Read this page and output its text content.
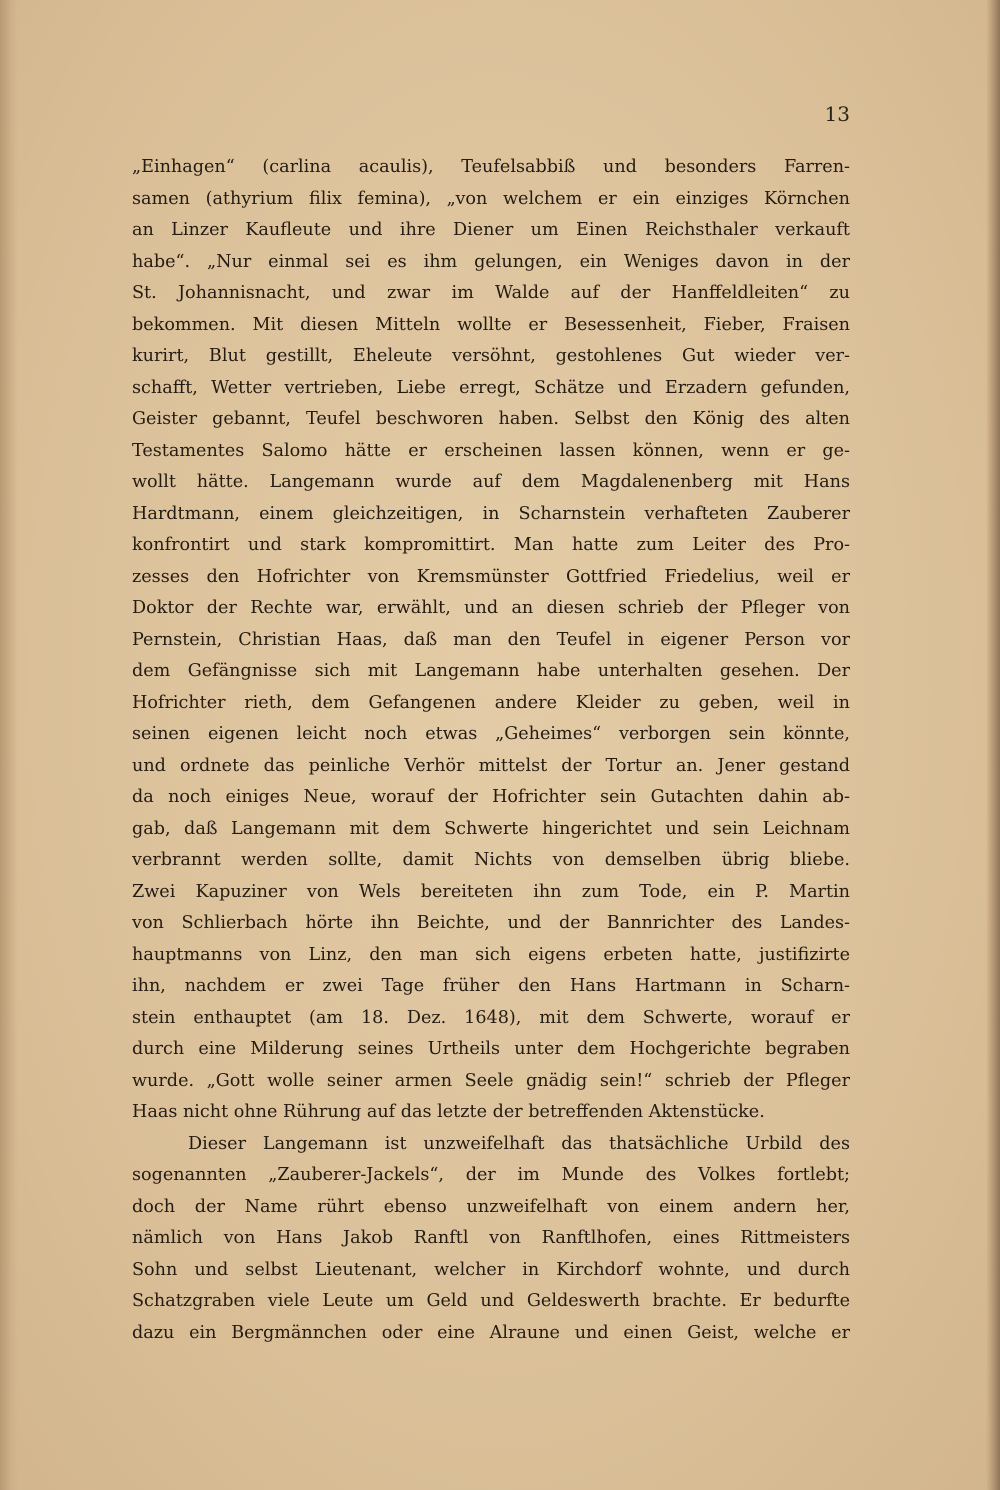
13
„Einhagen“ (carlina acaulis), Teufelsabbiß und besonders Farren-
samen (athyrium filix femina), „von welchem er ein einziges Körnchen
an Linzer Kaufleute und ihre Diener um Einen Reichsthaler verkauft
habe“. „Nur einmal sei es ihm gelungen, ein Weniges davon in der
St. Johannisnacht, und zwar im Walde auf der Hanffeldleiten“ zu
bekommen. Mit diesen Mitteln wollte er Besessenheit, Fieber, Fraisen
kurirt, Blut gestillt, Eheleute versöhnt, gestohlenes Gut wieder ver-
schafft, Wetter vertrieben, Liebe erregt, Schätze und Erzadern gefunden,
Geister gebannt, Teufel beschworen haben. Selbst den König des alten
Testamentes Salomo hätte er erscheinen lassen können, wenn er ge-
wollt hätte. Langemann wurde auf dem Magdalenenberg mit Hans
Hardtmann, einem gleichzeitigen, in Scharnstein verhafteten Zauberer
konfrontirt und stark kompromittirt. Man hatte zum Leiter des Pro-
zesses den Hofrichter von Kremsmünster Gottfried Friedelius, weil er
Doktor der Rechte war, erwählt, und an diesen schrieb der Pfleger von
Pernstein, Christian Haas, daß man den Teufel in eigener Person vor
dem Gefängnisse sich mit Langemann habe unterhalten gesehen. Der
Hofrichter rieth, dem Gefangenen andere Kleider zu geben, weil in
seinen eigenen leicht noch etwas „Geheimes“ verborgen sein könnte,
und ordnete das peinliche Verhör mittelst der Tortur an. Jener gestand
da noch einiges Neue, worauf der Hofrichter sein Gutachten dahin ab-
gab, daß Langemann mit dem Schwerte hingerichtet und sein Leichnam
verbrannt werden sollte, damit Nichts von demselben übrig bliebe.
Zwei Kapuziner von Wels bereiteten ihn zum Tode, ein P. Martin
von Schlierbach hörte ihn Beichte, und der Bannrichter des Landes-
hauptmanns von Linz, den man sich eigens erbeten hatte, justifizirte
ihn, nachdem er zwei Tage früher den Hans Hartmann in Scharn-
stein enthauptet (am 18. Dez. 1648), mit dem Schwerte, worauf er
durch eine Milderung seines Urtheils unter dem Hochgerichte begraben
wurde. „Gott wolle seiner armen Seele gnädig sein!“ schrieb der Pfleger
Haas nicht ohne Rührung auf das letzte der betreffenden Aktenstücke.
Dieser Langemann ist unzweifelhaft das thatsächliche Urbild des
sogenannten „Zauberer-Jackels“, der im Munde des Volkes fortlebt;
doch der Name rührt ebenso unzweifelhaft von einem andern her,
nämlich von Hans Jakob Ranftl von Ranftlhofen, eines Rittmeisters
Sohn und selbst Lieutenant, welcher in Kirchdorf wohnte, und durch
Schatzgraben viele Leute um Geld und Geldeswerth brachte. Er bedurfte
dazu ein Bergmännchen oder eine Alraune und einen Geist, welche er
